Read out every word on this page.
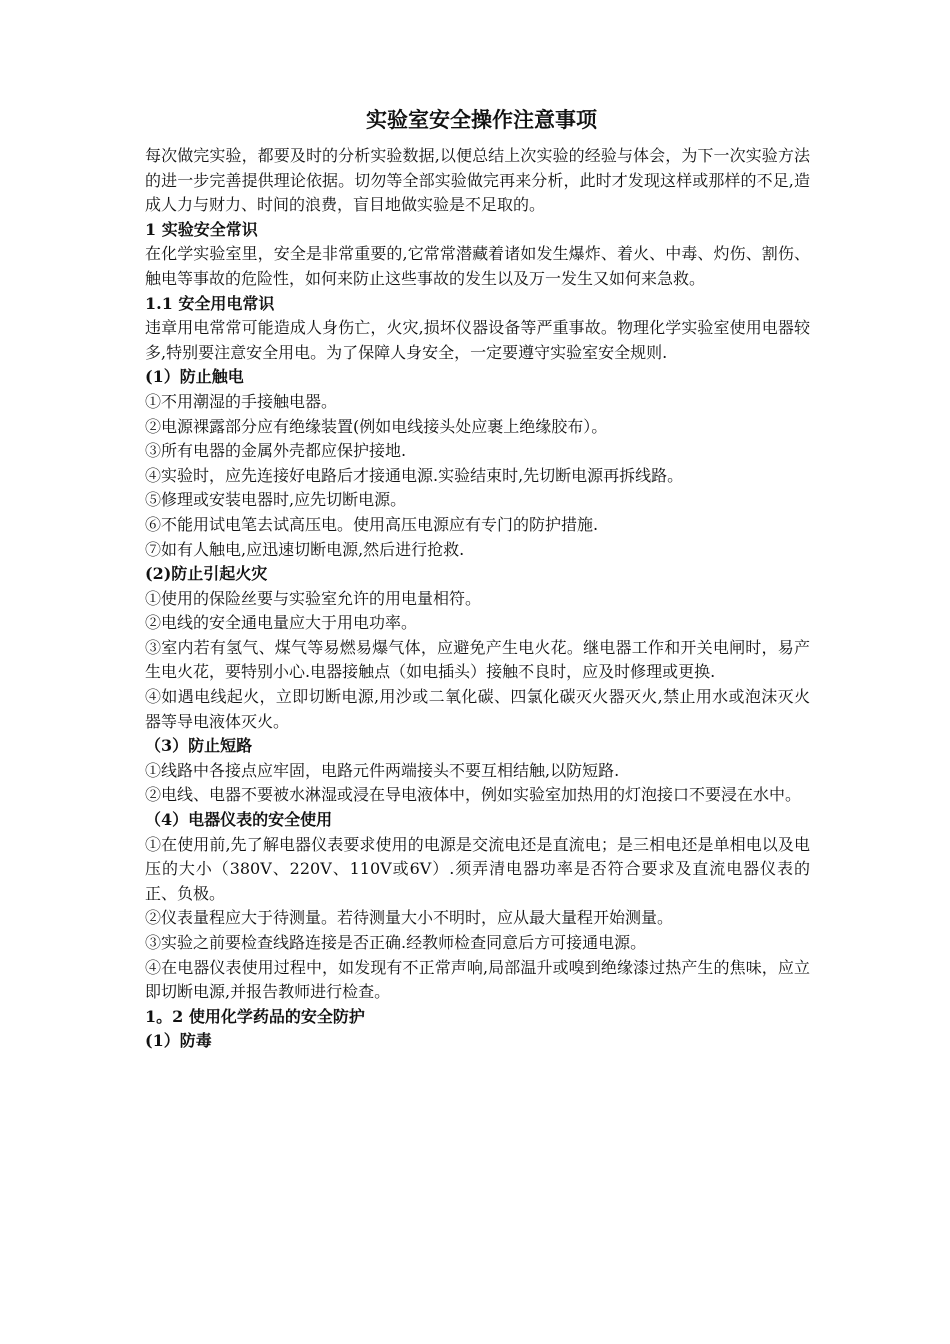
实验室安全操作注意事项

每次做完实验，都要及时的分析实验数据,以便总结上次实验的经验与体会，为下一次实验方法的进一步完善提供理论依据。切勿等全部实验做完再来分析，此时才发现这样或那样的不足,造成人力与财力、时间的浪费，盲目地做实验是不足取的。

1 实验安全常识

在化学实验室里，安全是非常重要的,它常常潜藏着诸如发生爆炸、着火、中毒、灼伤、割伤、触电等事故的危险性，如何来防止这些事故的发生以及万一发生又如何来急救。

1.1 安全用电常识

违章用电常常可能造成人身伤亡，火灾,损坏仪器设备等严重事故。物理化学实验室使用电器较多,特别要注意安全用电。为了保障人身安全，一定要遵守实验室安全规则.

(1）防止触电

①不用潮湿的手接触电器。

②电源裸露部分应有绝缘装置(例如电线接头处应裹上绝缘胶布）。

③所有电器的金属外壳都应保护接地.

④实验时，应先连接好电路后才接通电源.实验结束时,先切断电源再拆线路。

⑤修理或安装电器时,应先切断电源。

⑥不能用试电笔去试高压电。使用高压电源应有专门的防护措施.

⑦如有人触电,应迅速切断电源,然后进行抢救.

(2)防止引起火灾

①使用的保险丝要与实验室允许的用电量相符。

②电线的安全通电量应大于用电功率。

③室内若有氢气、煤气等易燃易爆气体，应避免产生电火花。继电器工作和开关电闸时，易产生电火花，要特别小心.电器接触点（如电插头）接触不良时，应及时修理或更换.

④如遇电线起火，立即切断电源,用沙或二氧化碳、四氯化碳灭火器灭火,禁止用水或泡沫灭火器等导电液体灭火。

（3）防止短路

①线路中各接点应牢固，电路元件两端接头不要互相结触,以防短路.

②电线、电器不要被水淋湿或浸在导电液体中，例如实验室加热用的灯泡接口不要浸在水中。

（4）电器仪表的安全使用

①在使用前,先了解电器仪表要求使用的电源是交流电还是直流电；是三相电还是单相电以及电压的大小（380V、220V、110V或6V）.须弄清电器功率是否符合要求及直流电器仪表的正、负极。

②仪表量程应大于待测量。若待测量大小不明时，应从最大量程开始测量。

③实验之前要检查线路连接是否正确.经教师检查同意后方可接通电源。

④在电器仪表使用过程中，如发现有不正常声响,局部温升或嗅到绝缘漆过热产生的焦味，应立即切断电源,并报告教师进行检查。

1。2 使用化学药品的安全防护

(1）防毒
